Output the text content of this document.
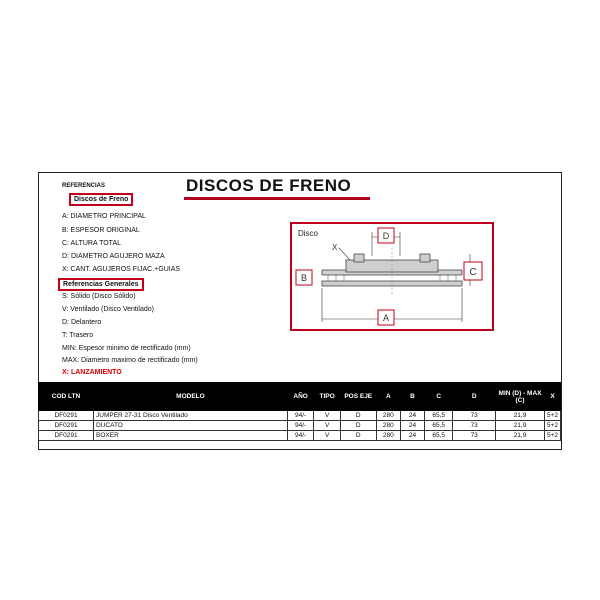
REFERENCIAS	DISCOS DE FRENO
Discos de Freno
A: DIAMETRO PRINCIPAL
B: ESPESOR ORIGINAL
C: ALTURA TOTAL
D: DIAMETRO AGUJERO MAZA
X: CANT. AGUJEROS FIJAC.+GUIAS
Referencias Generales
S: Sólido (Disco Sólido)
V: Ventilado (Disco Ventilado)
D: Delantero
T: Trasero
MIN: Espesor minimo de rectificado (mm)
MAX: Diametro maximo de rectificado (mm)
X: LANZAMIENTO
Disco	D
X
B	C
A
COD LTN	MODELO	AÑO	TIPO	POS EJE	A	B	C	D	MIN (D) - MAX (C)	X
DF0291	JUMPER 27-31 Disco Ventilado	94/-	V	D	280	24	65,5	73	21,9	5+2
DF0291	DUCATO	94/-	V	D	280	24	65,5	73	21,9	5+2
DF0291	BOXER	94/-	V	D	280	24	65,5	73	21,9	5+2
